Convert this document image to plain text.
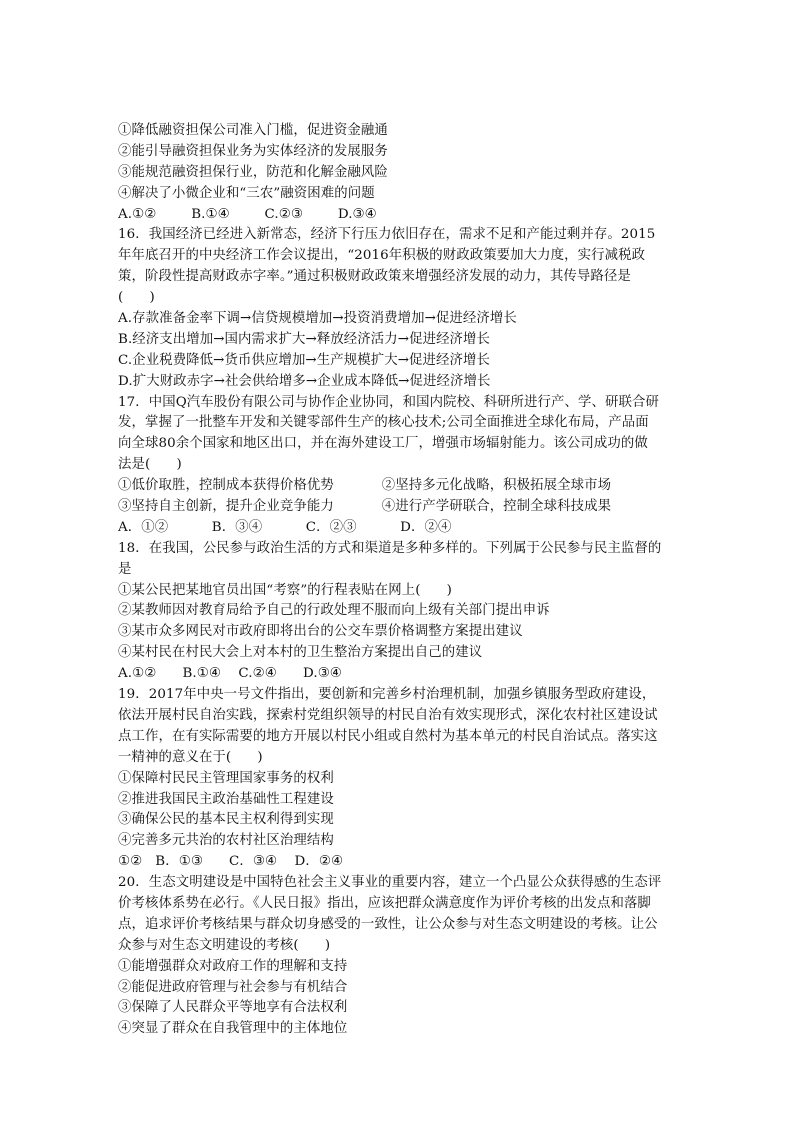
①降低融资担保公司准入门槛，促进资金融通
②能引导融资担保业务为实体经济的发展服务
③能规范融资担保行业，防范和化解金融风险
④解决了小微企业和“三农”融资困难的问题
A.①②        B.①④        C.②③        D.③④
16．我国经济已经进入新常态，经济下行压力依旧存在，需求不足和产能过剩并存。2015
年年底召开的中央经济工作会议提出，“2016年积极的财政政策要加大力度，实行减税政
策，阶段性提高财政赤字率。”通过积极财政政策来增强经济发展的动力，其传导路径是
(      )
A.存款准备金率下调→信贷规模增加→投资消费增加→促进经济增长
B.经济支出增加→国内需求扩大→释放经济活力→促进经济增长
C.企业税费降低→货币供应增加→生产规模扩大→促进经济增长
D.扩大财政赤字→社会供给增多→企业成本降低→促进经济增长
17．中国Q汽车股份有限公司与协作企业协同，和国内院校、科研所进行产、学、研联合研
发，掌握了一批整车开发和关键零部件生产的核心技术;公司全面推进全球化布局，产品面
向全球80余个国家和地区出口，并在海外建设工厂，增强市场辐射能力。该公司成功的做
法是(      )
①低价取胜，控制成本获得价格优势           ②坚持多元化战略，积极拓展全球市场
③坚持自主创新，提升企业竞争能力           ④进行产学研联合，控制全球科技成果
A．①②          B．③④          C．②③          D．②④
18．在我国，公民参与政治生活的方式和渠道是多种多样的。下列属于公民参与民主监督的
是
①某公民把某地官员出国“考察”的行程表贴在网上(      )
②某教师因对教育局给予自己的行政处理不服而向上级有关部门提出申诉
③某市众多网民对市政府即将出台的公交车票价格调整方案提出建议
④某村民在村民大会上对本村的卫生整治方案提出自己的建议
A.①②      B.①④    C.②④      D.③④
19．2017年中央一号文件指出，要创新和完善乡村治理机制，加强乡镇服务型政府建设，
依法开展村民自治实践，探索村党组织领导的村民自治有效实现形式，深化农村社区建设试
点工作，在有实际需要的地方开展以村民小组或自然村为基本单元的村民自治试点。落实这
一精神的意义在于(      )
①保障村民民主管理国家事务的权利
②推进我国民主政治基础性工程建设
③确保公民的基本民主权利得到实现
④完善多元共治的农村社区治理结构
①②   B．①③      C．③④    D．②④
20．生态文明建设是中国特色社会主义事业的重要内容，建立一个凸显公众获得感的生态评
价考核体系势在必行。《人民日报》指出，应该把群众满意度作为评价考核的出发点和落脚
点，追求评价考核结果与群众切身感受的一致性，让公众参与对生态文明建设的考核。让公
众参与对生态文明建设的考核(      )
①能增强群众对政府工作的理解和支持
②能促进政府管理与社会参与有机结合
③保障了人民群众平等地享有合法权利
④突显了群众在自我管理中的主体地位
